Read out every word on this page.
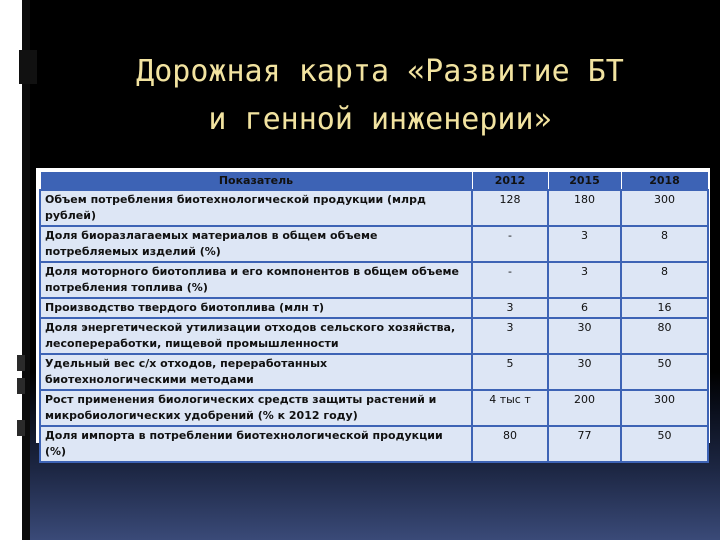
Дорожная карта «Развитие БТ
и генной инженерии»
Показатель	2012	2015	2018
Объем потребления биотехнологической продукции (млрд рублей)	128	180	300
Доля биоразлагаемых материалов в общем объеме потребляемых изделий (%)	-	3	8
Доля моторного биотоплива и его компонентов в общем объеме потребления топлива (%)	-	3	8
Производство твердого биотоплива (млн т)	3	6	16
Доля энергетической утилизации отходов сельского хозяйства, лесопереработки, пищевой промышленности	3	30	80
Удельный вес с/х отходов, переработанных биотехнологическими методами	5	30	50
Рост применения биологических средств защиты растений и микробиологических удобрений (% к 2012 году)	4 тыс т	200	300
Доля импорта в потреблении биотехнологической продукции (%)	80	77	50
